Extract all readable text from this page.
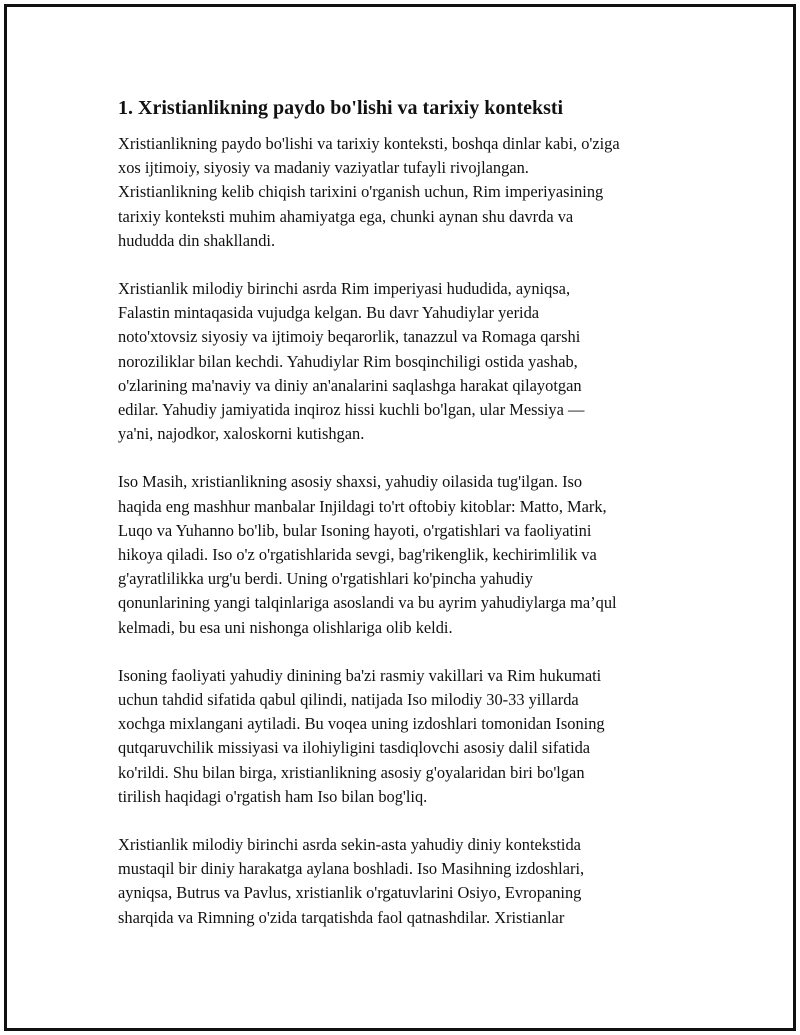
1. Xristianlikning paydo bo'lishi va tarixiy konteksti
Xristianlikning paydo bo'lishi va tarixiy konteksti, boshqa dinlar kabi, o'ziga
xos ijtimoiy, siyosiy va madaniy vaziyatlar tufayli rivojlangan.
Xristianlikning kelib chiqish tarixini o'rganish uchun, Rim imperiyasining
tarixiy konteksti muhim ahamiyatga ega, chunki aynan shu davrda va
hududda din shakllandi.
Xristianlik milodiy birinchi asrda Rim imperiyasi hududida, ayniqsa,
Falastin mintaqasida vujudga kelgan. Bu davr Yahudiylar yerida
noto'xtovsiz siyosiy va ijtimoiy beqarorlik, tanazzul va Romaga qarshi
noroziliklar bilan kechdi. Yahudiylar Rim bosqinchiligi ostida yashab,
o'zlarining ma'naviy va diniy an'analarini saqlashga harakat qilayotgan
edilar. Yahudiy jamiyatida inqiroz hissi kuchli bo'lgan, ular Messiya —
ya'ni, najodkor, xaloskorni kutishgan.
Iso Masih, xristianlikning asosiy shaxsi, yahudiy oilasida tug'ilgan. Iso
haqida eng mashhur manbalar Injildagi to'rt oftobiy kitoblar: Matto, Mark,
Luqo va Yuhanno bo'lib, bular Isoning hayoti, o'rgatishlari va faoliyatini
hikoya qiladi. Iso o'z o'rgatishlarida sevgi, bag'rikenglik, kechirimlilik va
g'ayratlilikka urg'u berdi. Uning o'rgatishlari ko'pincha yahudiy
qonunlarining yangi talqinlariga asoslandi va bu ayrim yahudiylarga ma’qul
kelmadi, bu esa uni nishonga olishlariga olib keldi.
Isoning faoliyati yahudiy dinining ba'zi rasmiy vakillari va Rim hukumati
uchun tahdid sifatida qabul qilindi, natijada Iso milodiy 30-33 yillarda
xochga mixlangani aytiladi. Bu voqea uning izdoshlari tomonidan Isoning
qutqaruvchilik missiyasi va ilohiyligini tasdiqlovchi asosiy dalil sifatida
ko'rildi. Shu bilan birga, xristianlikning asosiy g'oyalaridan biri bo'lgan
tirilish haqidagi o'rgatish ham Iso bilan bog'liq.
Xristianlik milodiy birinchi asrda sekin-asta yahudiy diniy kontekstida
mustaqil bir diniy harakatga aylana boshladi. Iso Masihning izdoshlari,
ayniqsa, Butrus va Pavlus, xristianlik o'rgatuvlarini Osiyo, Evropaning
sharqida va Rimning o'zida tarqatishda faol qatnashdilar. Xristianlar
